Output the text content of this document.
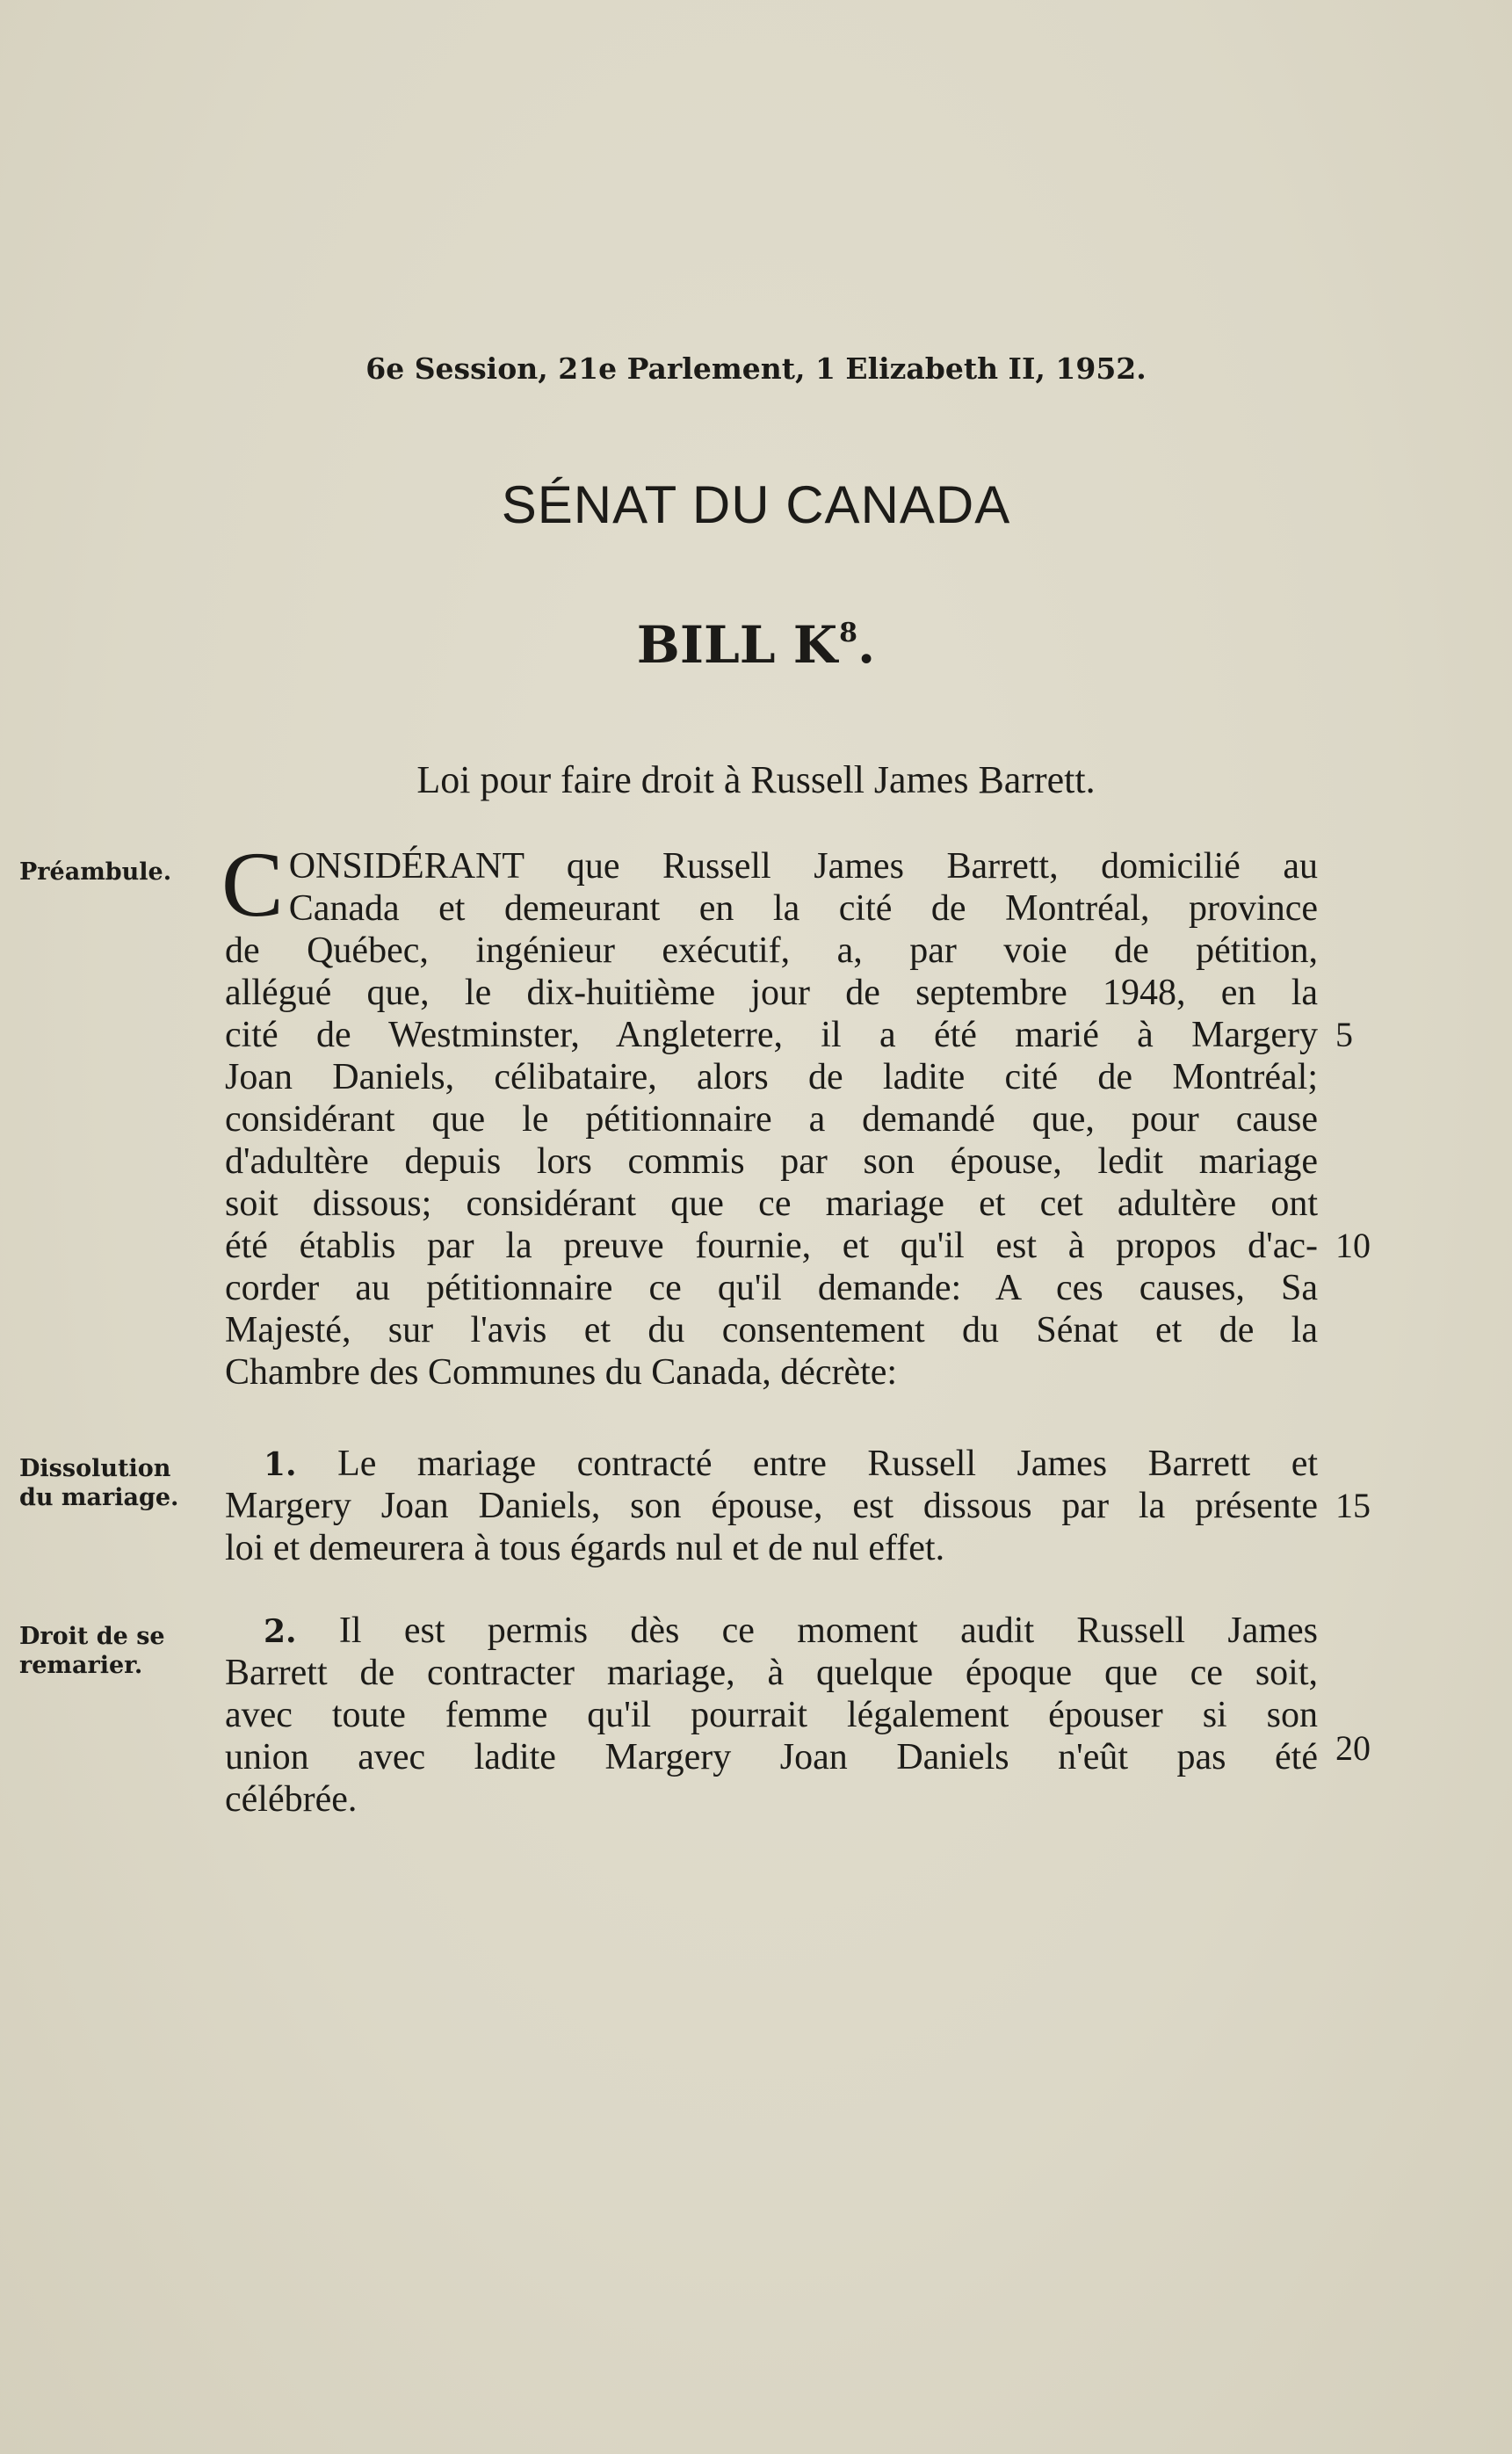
6e Session, 21e Parlement, 1 Elizabeth II, 1952.
SÉNAT DU CANADA
BILL $K^8$.
Loi pour faire droit à Russell James Barrett.
Préambule. C ONSIDÉRANT que Russell James Barrett, domicilié au
Canada et demeurant en la cité de Montréal, province
de Québec, ingénieur exécutif, a, par voie de pétition,
allégué que, le dix-huitième jour de septembre 1948, en la
cité de Westminster, Angleterre, il a été marié à Margery
Joan Daniels, célibataire, alors de ladite cité de Montréal;
considérant que le pétitionnaire a demandé que, pour cause
d'adultère depuis lors commis par son épouse, ledit mariage
soit dissous; considérant que ce mariage et cet adultère ont
été établis par la preuve fournie, et qu'il est à propos d'ac-
corder au pétitionnaire ce qu'il demande: A ces causes, Sa
Majesté, sur l'avis et du consentement du Sénat et de la
Chambre des Communes du Canada, décrète:
5
10
Dissolution
du mariage.
1. Le mariage contracté entre Russell James Barrett et
Margery Joan Daniels, son épouse, est dissous par la présente
loi et demeurera à tous égards nul et de nul effet.
15
Droit de se
remarier.
2. Il est permis dès ce moment audit Russell James
Barrett de contracter mariage, à quelque époque que ce soit,
avec toute femme qu'il pourrait légalement épouser si son
union avec ladite Margery Joan Daniels n'eût pas été
célébrée.
20
